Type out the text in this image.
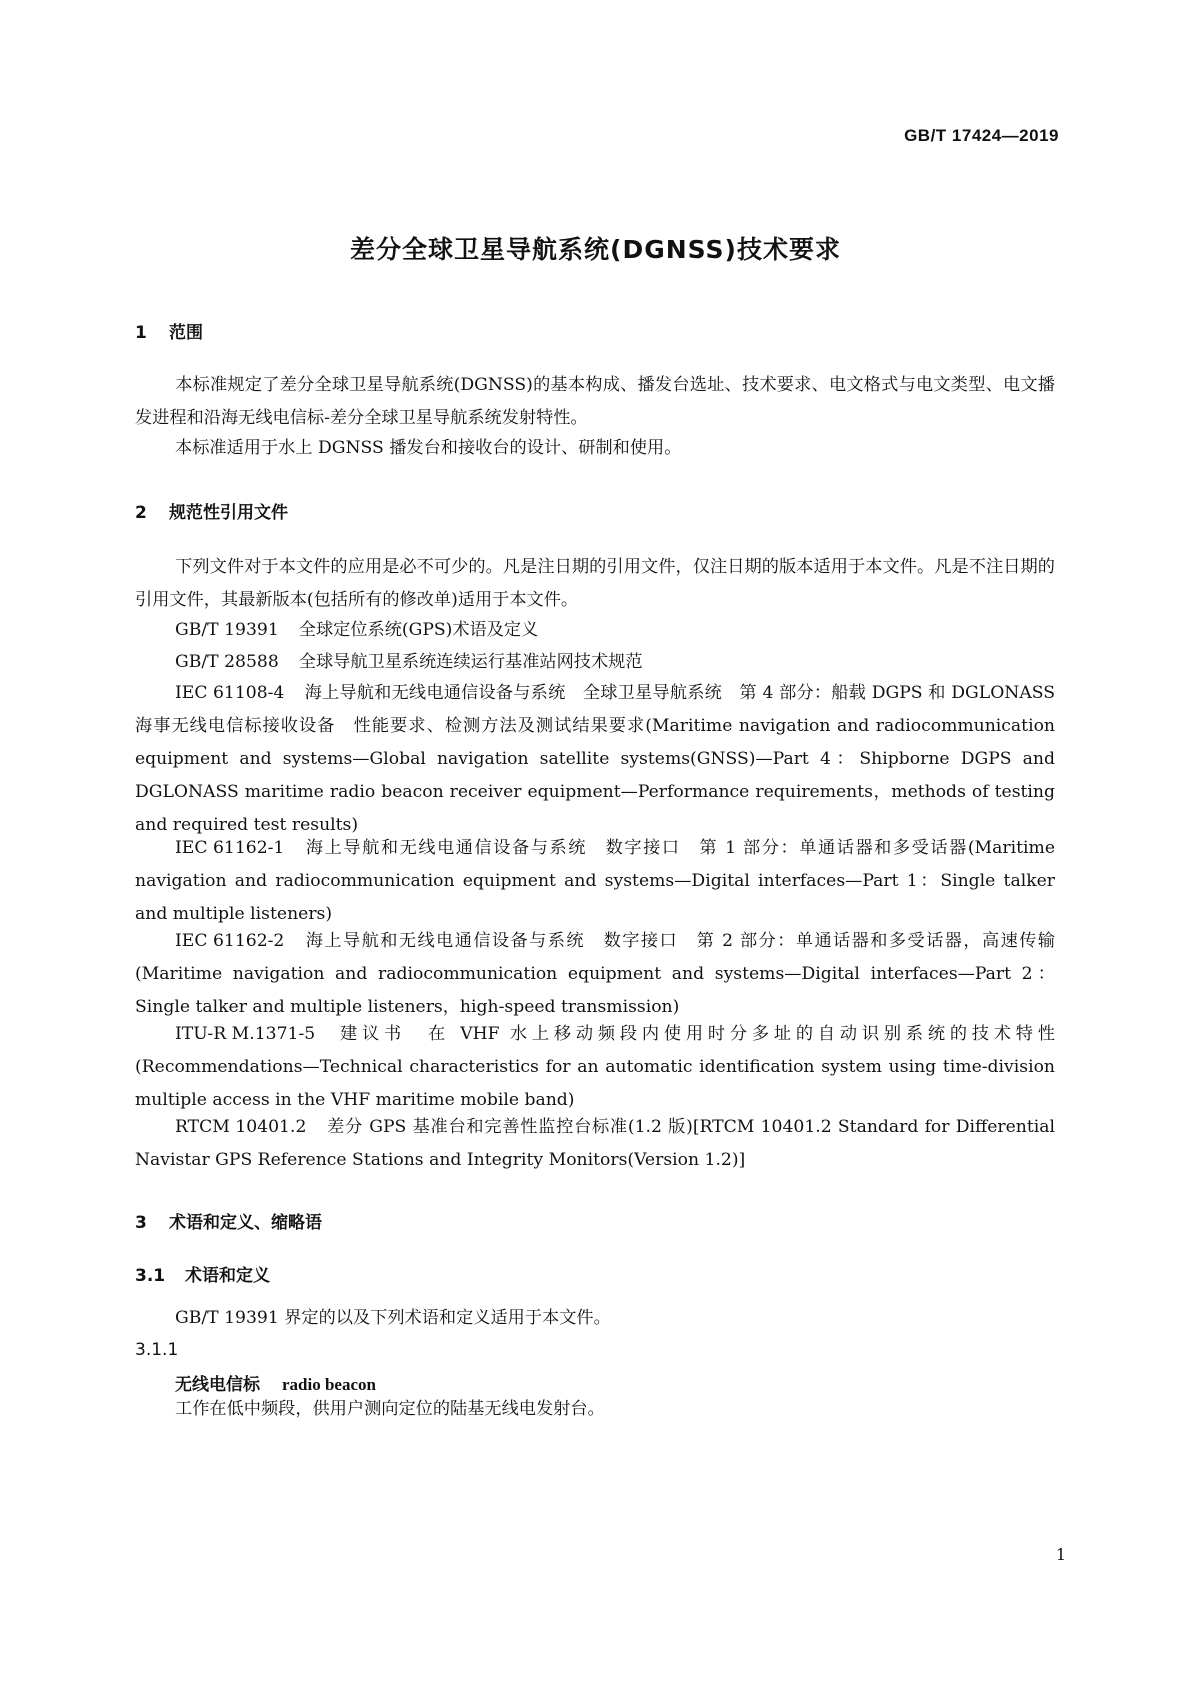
GB/T 17424—2019
差分全球卫星导航系统(DGNSS)技术要求
1 范围
本标准规定了差分全球卫星导航系统(DGNSS)的基本构成、播发台选址、技术要求、电文格式与电文类型、电文播发进程和沿海无线电信标-差分全球卫星导航系统发射特性。
本标准适用于水上 DGNSS 播发台和接收台的设计、研制和使用。
2 规范性引用文件
下列文件对于本文件的应用是必不可少的。凡是注日期的引用文件，仅注日期的版本适用于本文件。凡是不注日期的引用文件，其最新版本(包括所有的修改单)适用于本文件。
GB/T 19391 全球定位系统(GPS)术语及定义
GB/T 28588 全球导航卫星系统连续运行基准站网技术规范
IEC 61108-4 海上导航和无线电通信设备与系统　全球卫星导航系统　第 4 部分：船载 DGPS 和 DGLONASS 海事无线电信标接收设备　性能要求、检测方法及测试结果要求(Maritime navigation and radiocommunication equipment and systems—Global navigation satellite systems(GNSS)—Part 4：Shipborne DGPS and DGLONASS maritime radio beacon receiver equipment—Performance requirements，methods of testing and required test results)
IEC 61162-1 海上导航和无线电通信设备与系统　数字接口　第 1 部分：单通话器和多受话器(Maritime navigation and radiocommunication equipment and systems—Digital interfaces—Part 1：Single talker and multiple listeners)
IEC 61162-2 海上导航和无线电通信设备与系统　数字接口　第 2 部分：单通话器和多受话器，高速传输(Maritime navigation and radiocommunication equipment and systems—Digital interfaces—Part 2：Single talker and multiple listeners，high-speed transmission)
ITU-R M.1371-5 建议书　在 VHF 水上移动频段内使用时分多址的自动识别系统的技术特性(Recommendations—Technical characteristics for an automatic identification system using time-division multiple access in the VHF maritime mobile band)
RTCM 10401.2 差分 GPS 基准台和完善性监控台标准(1.2 版)[RTCM 10401.2 Standard for Differential Navistar GPS Reference Stations and Integrity Monitors(Version 1.2)]
3 术语和定义、缩略语
3.1 术语和定义
GB/T 19391 界定的以及下列术语和定义适用于本文件。
3.1.1
无线电信标 radio beacon
工作在低中频段，供用户测向定位的陆基无线电发射台。
1
